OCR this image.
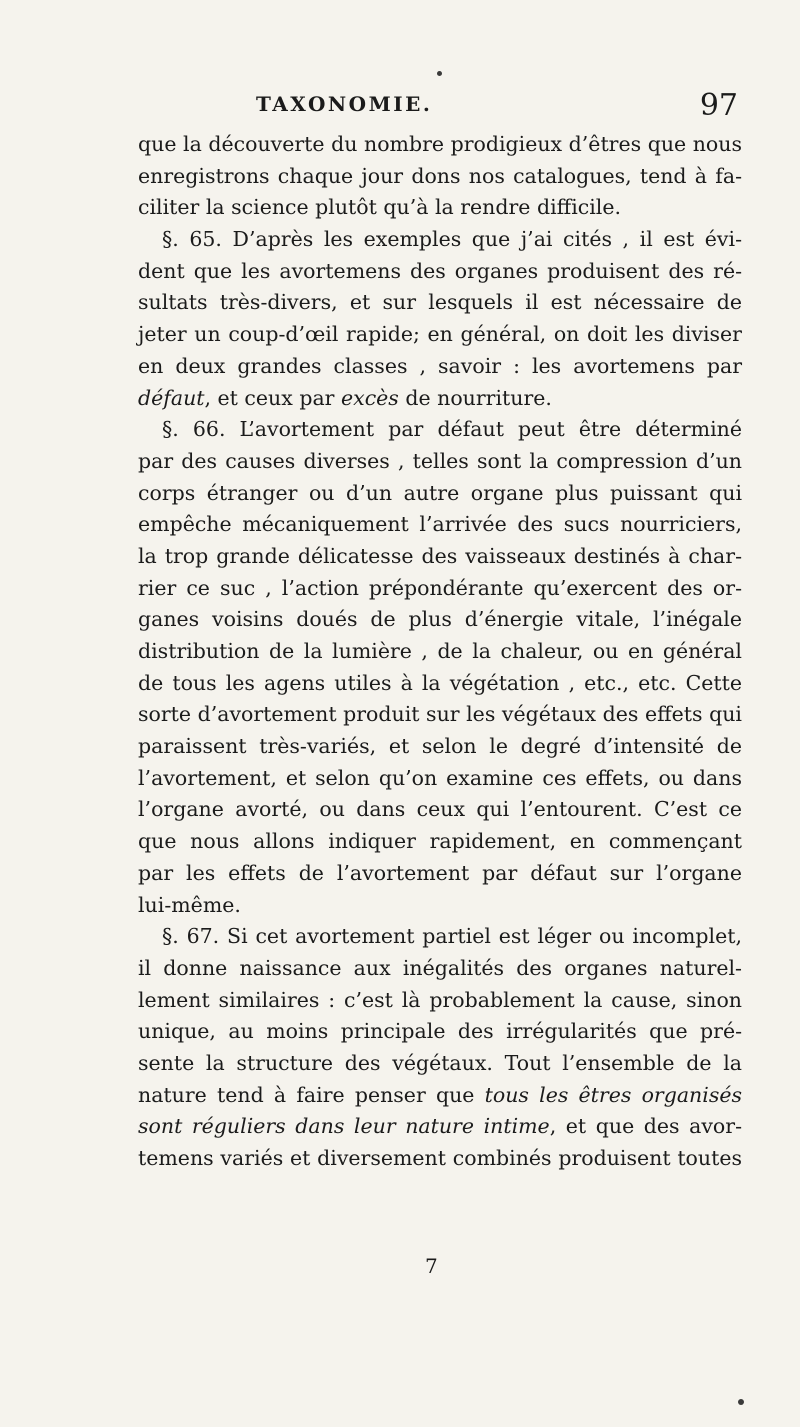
TAXONOMIE.	97
que la découverte du nombre prodigieux d’êtres que nous
enregistrons chaque jour dons nos catalogues, tend à fa-
ciliter la science plutôt qu’à la rendre difficile.
§. 65. D’après les exemples que j’ai cités , il est évi-
dent que les avortemens des organes produisent des ré-
sultats très-divers, et sur lesquels il est nécessaire de
jeter un coup-d’œil rapide; en général, on doit les diviser
en deux grandes classes , savoir : les avortemens par
défaut, et ceux par excès de nourriture.
§. 66. L’avortement par défaut peut être déterminé
par des causes diverses , telles sont la compression d’un
corps étranger ou d’un autre organe plus puissant qui
empêche mécaniquement l’arrivée des sucs nourriciers,
la trop grande délicatesse des vaisseaux destinés à char-
rier ce suc , l’action prépondérante qu’exercent des or-
ganes voisins doués de plus d’énergie vitale, l’inégale
distribution de la lumière , de la chaleur, ou en général
de tous les agens utiles à la végétation , etc., etc. Cette
sorte d’avortement produit sur les végétaux des effets qui
paraissent très-variés, et selon le degré d’intensité de
l’avortement, et selon qu’on examine ces effets, ou dans
l’organe avorté, ou dans ceux qui l’entourent. C’est ce
que nous allons indiquer rapidement, en commençant
par les effets de l’avortement par défaut sur l’organe
lui-même.
§. 67. Si cet avortement partiel est léger ou incomplet,
il donne naissance aux inégalités des organes naturel-
lement similaires : c’est là probablement la cause, sinon
unique, au moins principale des irrégularités que pré-
sente la structure des végétaux. Tout l’ensemble de la
nature tend à faire penser que tous les êtres organisés
sont réguliers dans leur nature intime, et que des avor-
temens variés et diversement combinés produisent toutes
7
